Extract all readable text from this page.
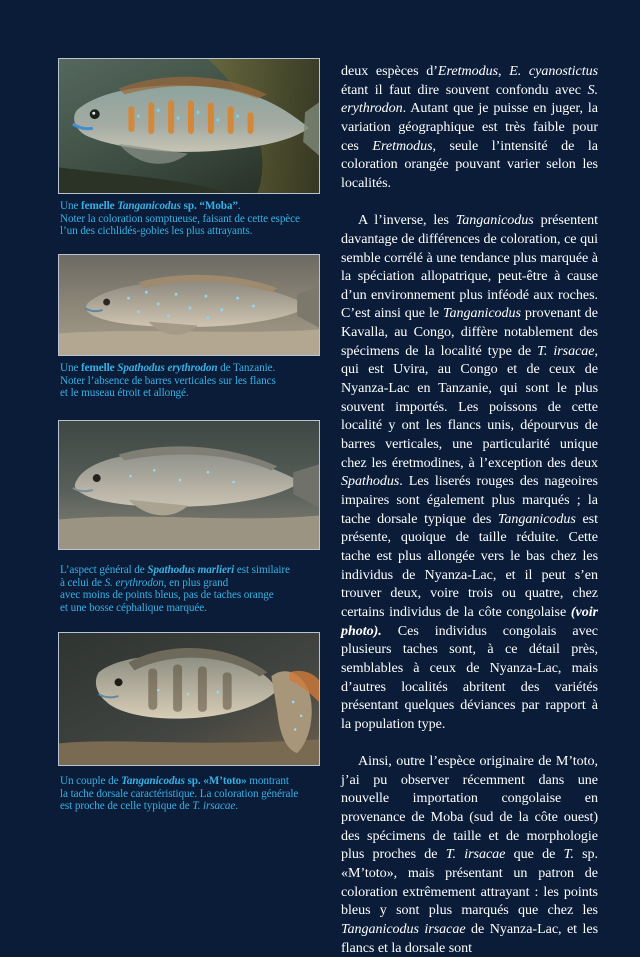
Une femelle Tanganicodus sp. “Moba”.
Noter la coloration somptueuse, faisant de cette espèce
l’un des cichlidés-gobies les plus attrayants.
Une femelle Spathodus erythrodon de Tanzanie.
Noter l’absence de barres verticales sur les flancs
et le museau étroit et allongé.
L’aspect général de Spathodus marlieri est similaire
à celui de S. erythrodon, en plus grand
avec moins de points bleus, pas de taches orange
et une bosse céphalique marquée.
Un couple de Tanganicodus sp. «M’toto» montrant
la tache dorsale caractéristique. La coloration générale
est proche de celle typique de T. irsacae.

deux espèces d’Eretmodus, E. cyanostictus étant il faut dire souvent confondu avec S. erythrodon. Autant que je puisse en juger, la variation géographique est très faible pour ces Eretmodus, seule l’intensité de la coloration orangée pouvant varier selon les localités.

A l’inverse, les Tanganicodus présentent davantage de différences de coloration, ce qui semble corrélé à une tendance plus marquée à la spéciation allopatrique, peut-être à cause d’un environnement plus inféodé aux roches. C’est ainsi que le Tanganicodus provenant de Kavalla, au Congo, diffère notablement des spécimens de la localité type de T. irsacae, qui est Uvira, au Congo et de ceux de Nyanza-Lac en Tanzanie, qui sont le plus souvent importés. Les poissons de cette localité y ont les flancs unis, dépourvus de barres verticales, une particularité unique chez les éretmodines, à l’exception des deux Spathodus. Les liserés rouges des nageoires impaires sont également plus marqués ; la tache dorsale typique des Tanganicodus est présente, quoique de taille réduite. Cette tache est plus allongée vers le bas chez les individus de Nyanza-Lac, et il peut s’en trouver deux, voire trois ou quatre, chez certains individus de la côte congolaise (voir photo). Ces individus congolais avec plusieurs taches sont, à ce détail près, semblables à ceux de Nyanza-Lac, mais d’autres localités abritent des variétés présentant quelques déviances par rapport à la population type.

Ainsi, outre l’espèce originaire de M’toto, j’ai pu observer récemment dans une nouvelle importation congolaise en provenance de Moba (sud de la côte ouest) des spécimens de taille et de morphologie plus proches de T. irsacae que de T. sp. «M’toto», mais présentant un patron de coloration extrêmement attrayant : les points bleus y sont plus marqués que chez les Tanganicodus irsacae de Nyanza-Lac, et les flancs et la dorsale sont
